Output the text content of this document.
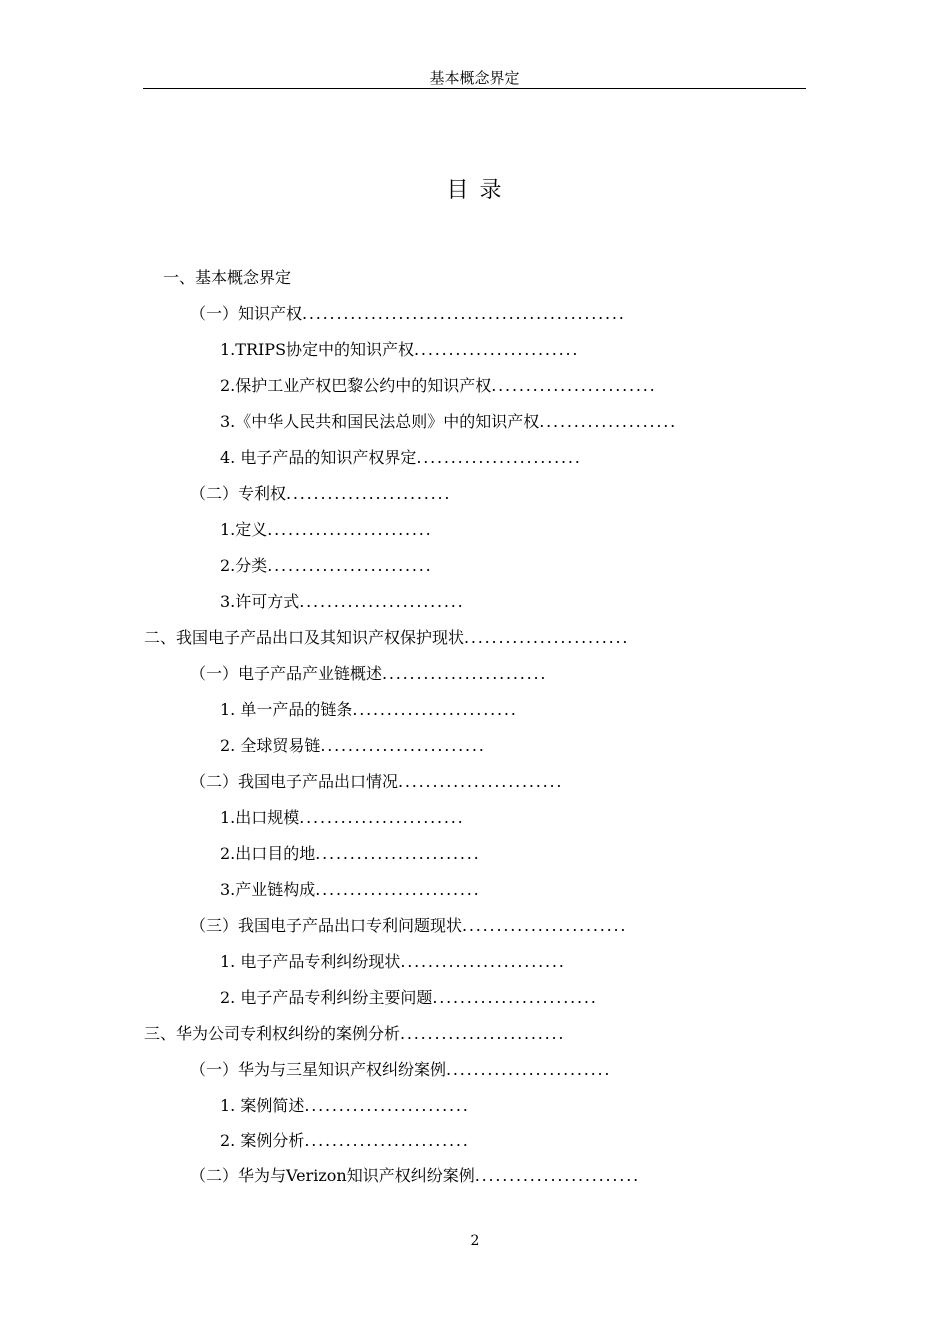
基本概念界定
目 录
一、基本概念界定
（一）知识产权...............................................
1.TRIPS协定中的知识产权........................
2.保护工业产权巴黎公约中的知识产权........................
3.《中华人民共和国民法总则》中的知识产权....................
4. 电子产品的知识产权界定........................
（二）专利权........................
1.定义........................
2.分类........................
3.许可方式........................
二、我国电子产品出口及其知识产权保护现状........................
（一）电子产品产业链概述........................
1. 单一产品的链条........................
2. 全球贸易链........................
（二）我国电子产品出口情况........................
1.出口规模........................
2.出口目的地........................
3.产业链构成........................
（三）我国电子产品出口专利问题现状........................
1. 电子产品专利纠纷现状........................
2. 电子产品专利纠纷主要问题........................
三、华为公司专利权纠纷的案例分析........................
（一）华为与三星知识产权纠纷案例........................
1. 案例简述........................
2. 案例分析........................
（二）华为与Verizon知识产权纠纷案例........................
2
